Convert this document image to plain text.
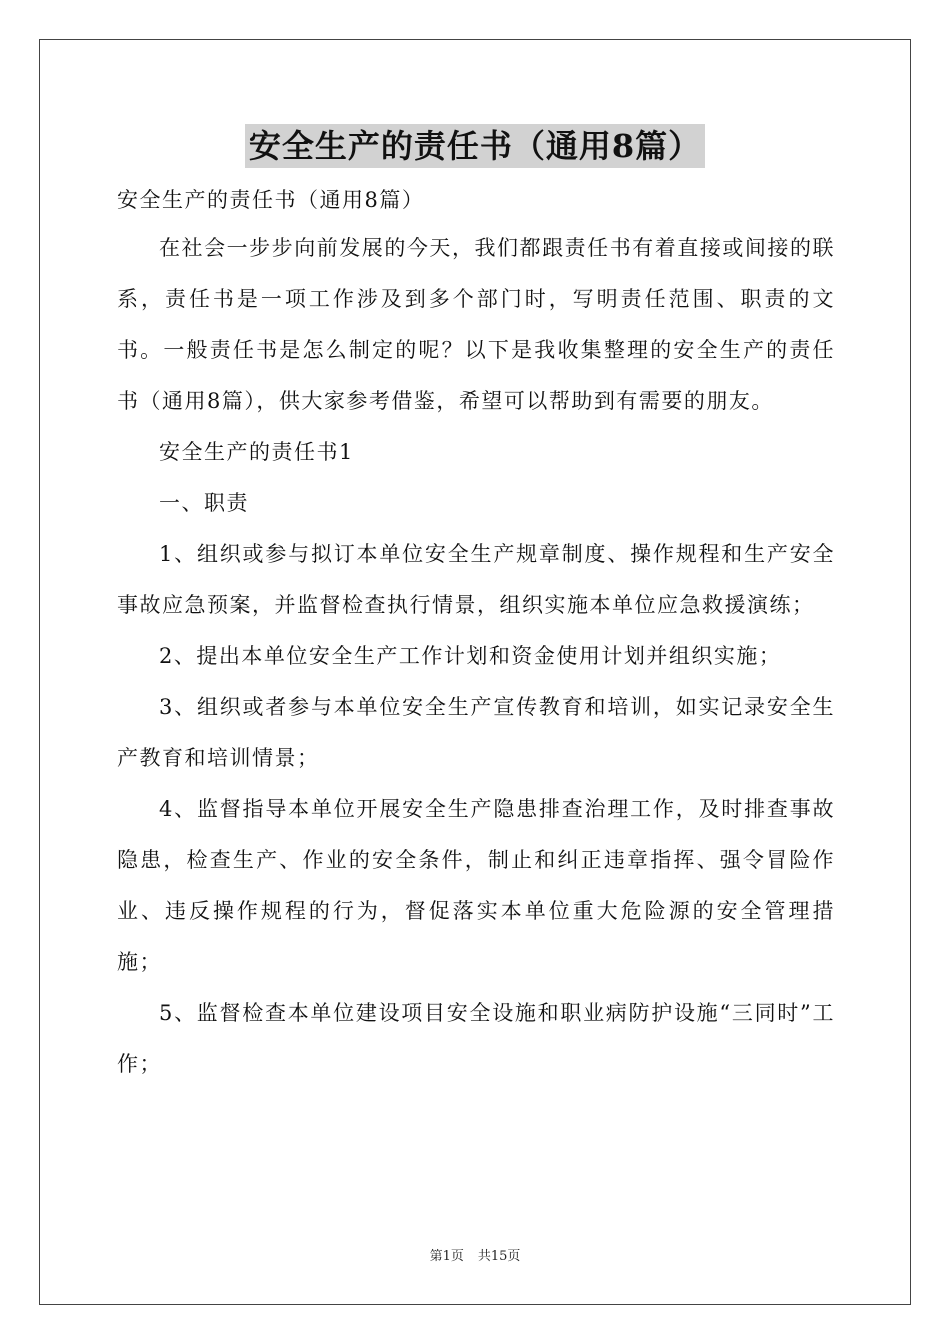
安全生产的责任书（通用8篇）

安全生产的责任书（通用8篇）

在社会一步步向前发展的今天，我们都跟责任书有着直接或间接的联系，责任书是一项工作涉及到多个部门时，写明责任范围、职责的文书。一般责任书是怎么制定的呢？以下是我收集整理的安全生产的责任书（通用8篇），供大家参考借鉴，希望可以帮助到有需要的朋友。

安全生产的责任书1

一、职责

1、组织或参与拟订本单位安全生产规章制度、操作规程和生产安全事故应急预案，并监督检查执行情景，组织实施本单位应急救援演练；

2、提出本单位安全生产工作计划和资金使用计划并组织实施；

3、组织或者参与本单位安全生产宣传教育和培训，如实记录安全生产教育和培训情景；

4、监督指导本单位开展安全生产隐患排查治理工作，及时排查事故隐患，检查生产、作业的安全条件，制止和纠正违章指挥、强令冒险作业、违反操作规程的行为，督促落实本单位重大危险源的安全管理措施；

5、监督检查本单位建设项目安全设施和职业病防护设施“三同时”工作；

第1页 共15页
